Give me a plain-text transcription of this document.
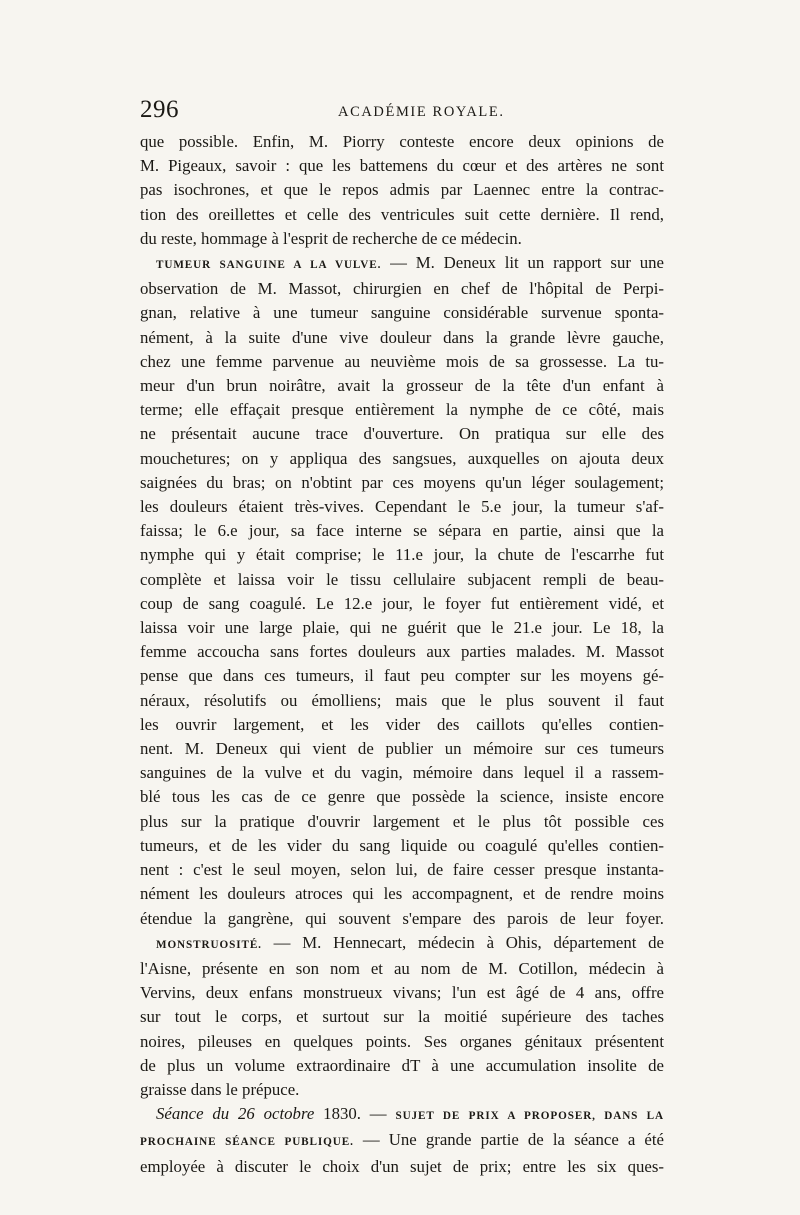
296	ACADÉMIE ROYALE.
que possible. Enfin, M. Piorry conteste encore deux opinions de
M. Pigeaux, savoir : que les battemens du cœur et des artères ne sont
pas isochrones, et que le repos admis par Laennec entre la contrac-
tion des oreillettes et celle des ventricules suit cette dernière. Il rend,
du reste, hommage à l'esprit de recherche de ce médecin.
TUMEUR SANGUINE A LA VULVE. — M. Deneux lit un rapport sur une
observation de M. Massot, chirurgien en chef de l'hôpital de Perpi-
gnan, relative à une tumeur sanguine considérable survenue sponta-
nément, à la suite d'une vive douleur dans la grande lèvre gauche,
chez une femme parvenue au neuvième mois de sa grossesse. La tu-
meur d'un brun noirâtre, avait la grosseur de la tête d'un enfant à
terme; elle effaçait presque entièrement la nymphe de ce côté, mais
ne présentait aucune trace d'ouverture. On pratiqua sur elle des
mouchetures; on y appliqua des sangsues, auxquelles on ajouta deux
saignées du bras; on n'obtint par ces moyens qu'un léger soulagement;
les douleurs étaient très-vives. Cependant le 5.e jour, la tumeur s'af-
faissa; le 6.e jour, sa face interne se sépara en partie, ainsi que la
nymphe qui y était comprise; le 11.e jour, la chute de l'escarrhe fut
complète et laissa voir le tissu cellulaire subjacent rempli de beau-
coup de sang coagulé. Le 12.e jour, le foyer fut entièrement vidé, et
laissa voir une large plaie, qui ne guérit que le 21.e jour. Le 18, la
femme accoucha sans fortes douleurs aux parties malades. M. Massot
pense que dans ces tumeurs, il faut peu compter sur les moyens gé-
néraux, résolutifs ou émolliens; mais que le plus souvent il faut
les ouvrir largement, et les vider des caillots qu'elles contien-
nent. M. Deneux qui vient de publier un mémoire sur ces tumeurs
sanguines de la vulve et du vagin, mémoire dans lequel il a rassem-
blé tous les cas de ce genre que possède la science, insiste encore
plus sur la pratique d'ouvrir largement et le plus tôt possible ces
tumeurs, et de les vider du sang liquide ou coagulé qu'elles contien-
nent : c'est le seul moyen, selon lui, de faire cesser presque instanta-
nément les douleurs atroces qui les accompagnent, et de rendre moins
étendue la gangrène, qui souvent s'empare des parois de leur foyer.
MONSTRUOSITÉ. — M. Hennecart, médecin à Ohis, département de
l'Aisne, présente en son nom et au nom de M. Cotillon, médecin à
Vervins, deux enfans monstrueux vivans; l'un est âgé de 4 ans, offre
sur tout le corps, et surtout sur la moitié supérieure des taches
noires, pileuses en quelques points. Ses organes génitaux présentent
de plus un volume extraordinaire dT à une accumulation insolite de
graisse dans le prépuce.
Séance du 26 octobre 1830. — SUJET DE PRIX A PROPOSER, DANS LA
PROCHAINE SÉANCE PUBLIQUE. — Une grande partie de la séance a été
employée à discuter le choix d'un sujet de prix; entre les six ques-
